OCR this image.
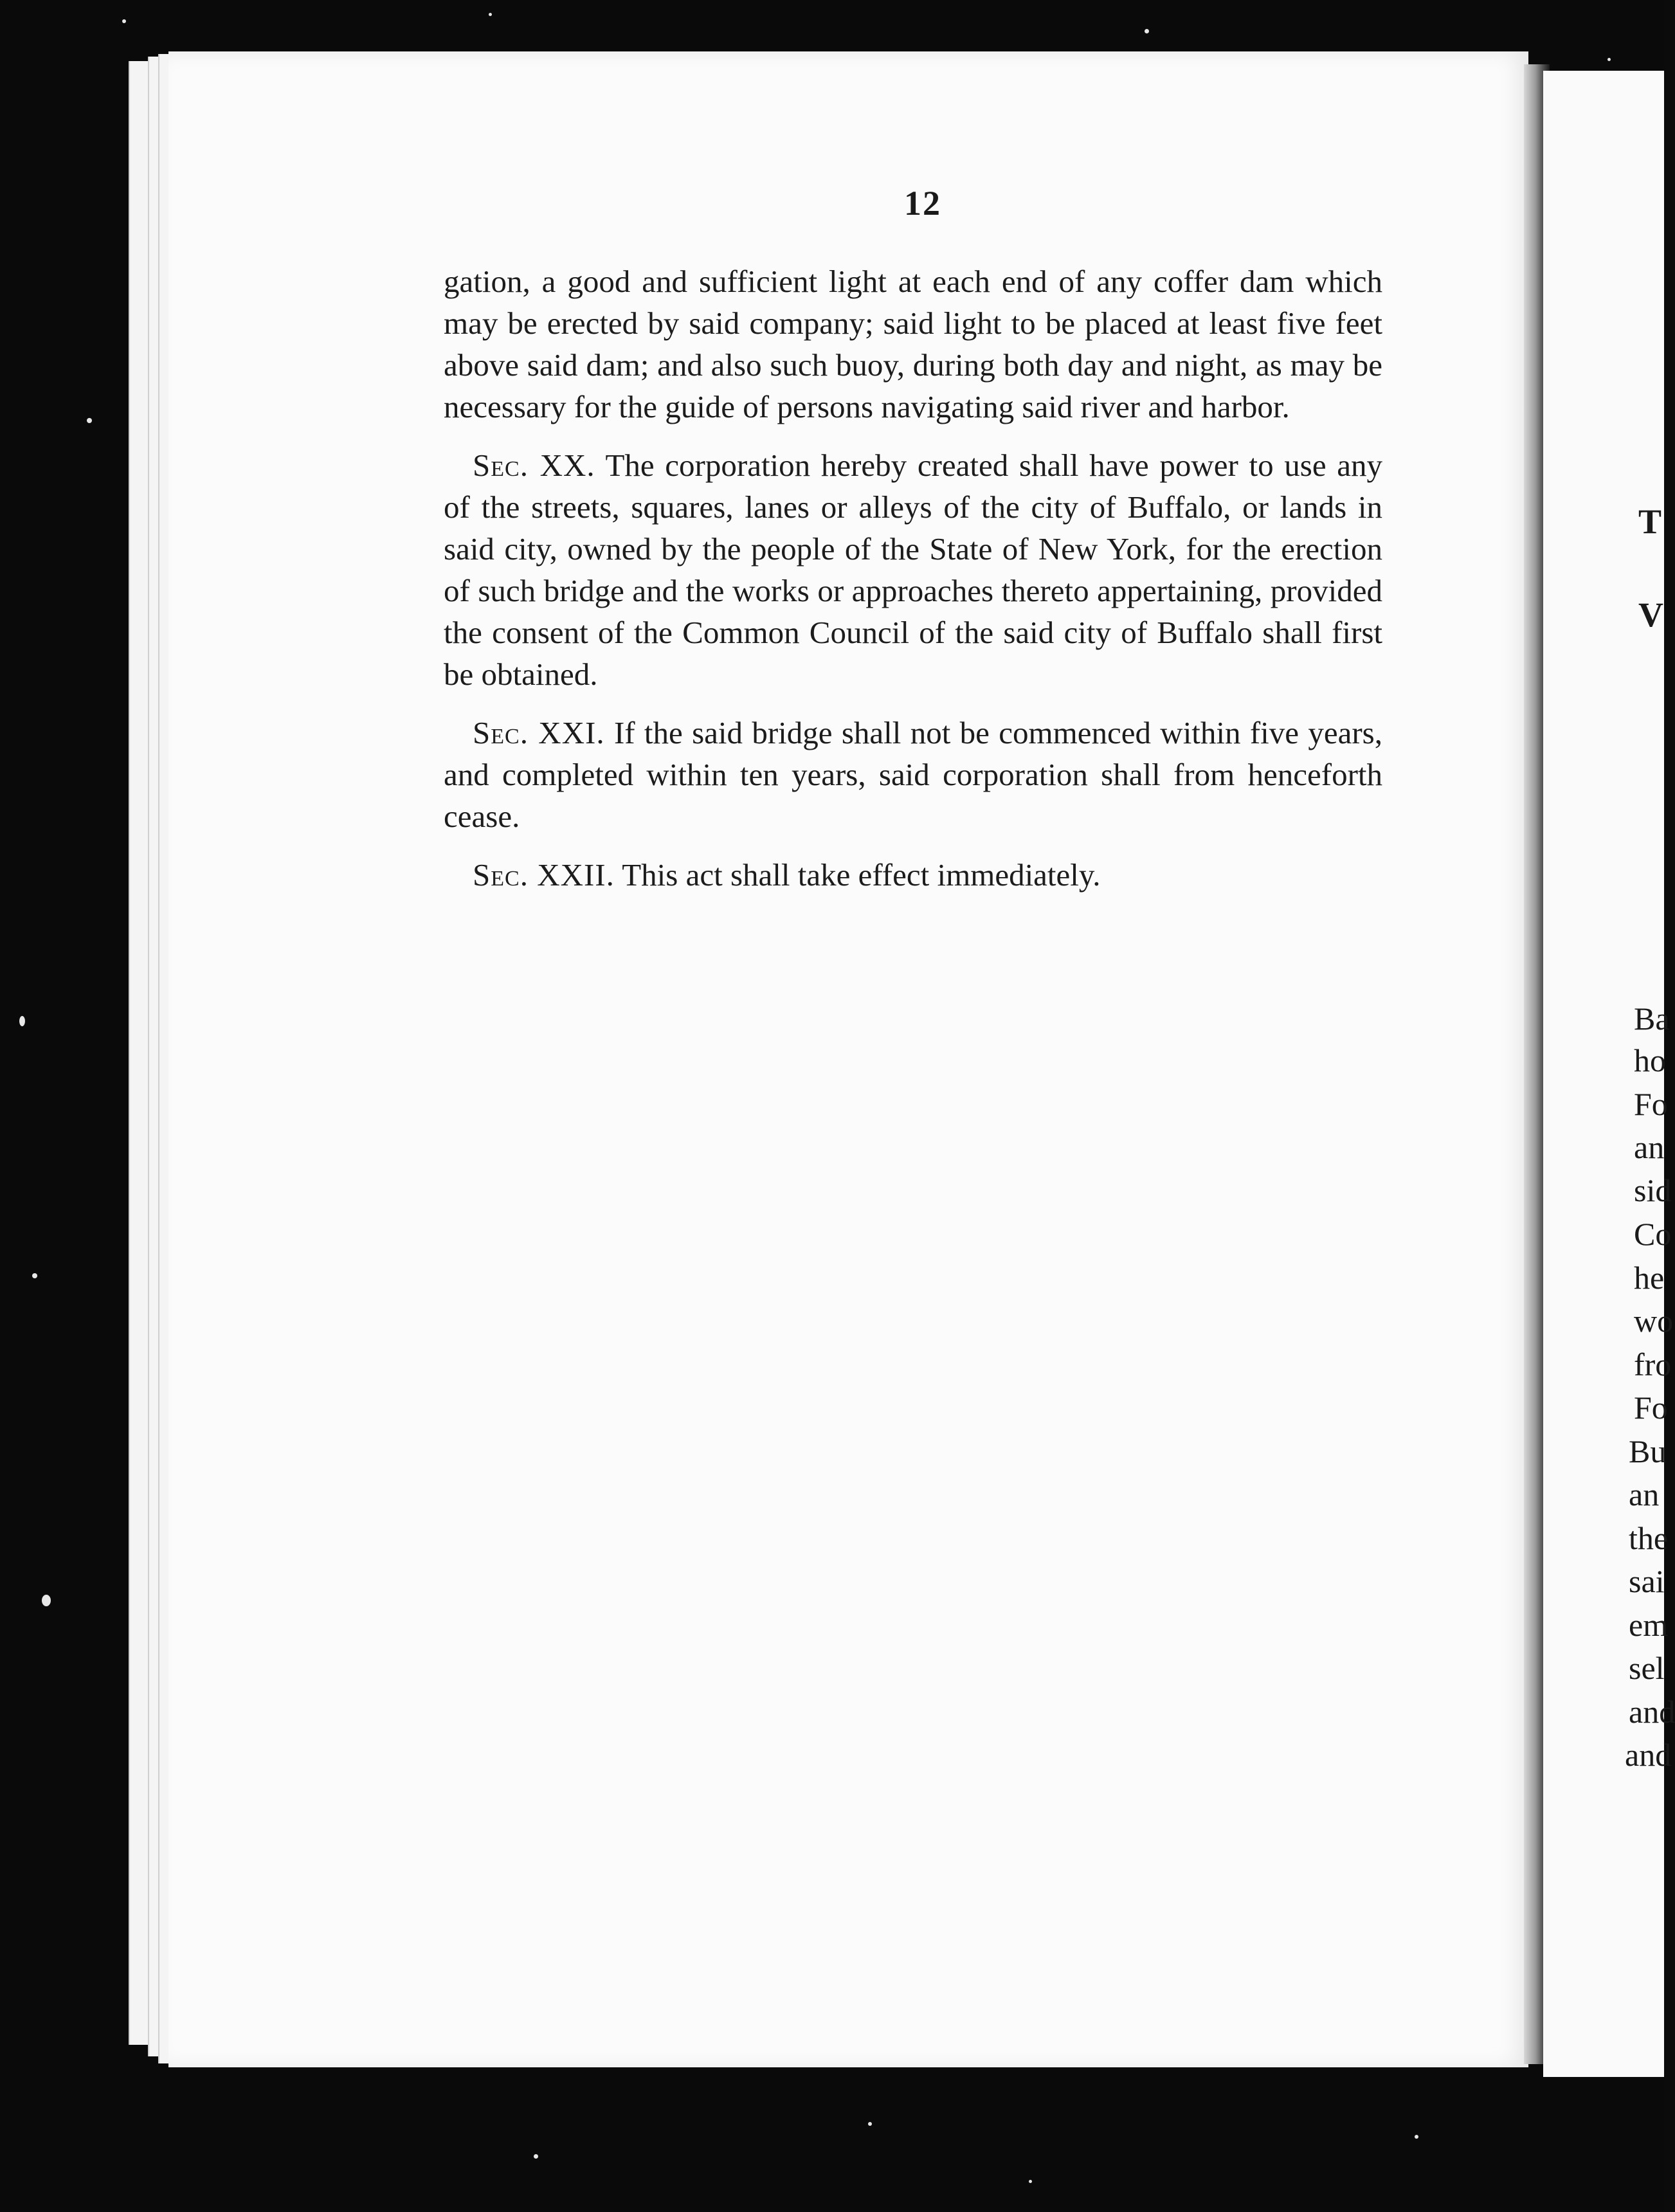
12

gation, a good and sufficient light at each end of any coffer dam which may be erected by said company; said light to be placed at least five feet above said dam; and also such buoy, during both day and night, as may be necessary for the guide of persons navigating said river and harbor.

Sec. XX. The corporation hereby created shall have power to use any of the streets, squares, lanes or alleys of the city of Buffalo, or lands in said city, owned by the people of the State of New York, for the erection of such bridge and the works or approaches thereto appertaining, provided the consent of the Common Council of the said city of Buffalo shall first be obtained.

Sec. XXI. If the said bridge shall not be commenced within five years, and completed within ten years, said corporation shall from henceforth cease.

Sec. XXII. This act shall take effect immediately.

T
V
Ba
ho
Fo
an
sid
Co
he
wo
fro
Fo
Bu
an
the
sai
em
sel
and
and
